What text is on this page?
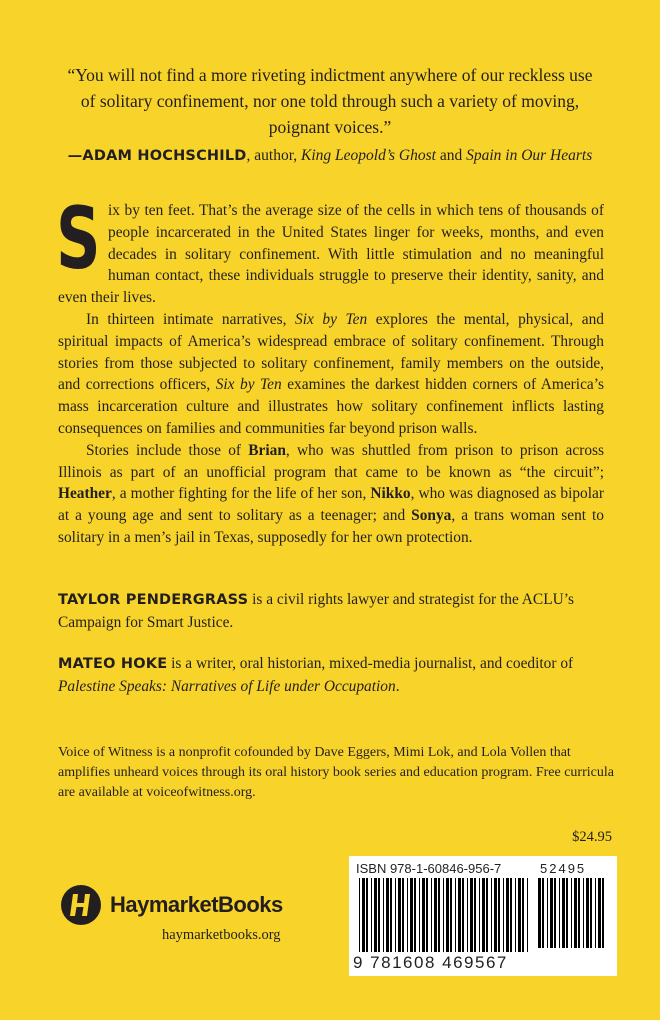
“You will not find a more riveting indictment anywhere of our reckless use of solitary confinement, nor one told through such a variety of moving, poignant voices.”
—ADAM HOCHSCHILD, author, King Leopold’s Ghost and Spain in Our Hearts

Six by ten feet. That’s the average size of the cells in which tens of thousands of people incarcerated in the United States linger for weeks, months, and even decades in solitary confinement. With little stimulation and no meaningful human contact, these individuals struggle to preserve their identity, sanity, and even their lives.

In thirteen intimate narratives, Six by Ten explores the mental, physical, and spiritual impacts of America’s widespread embrace of solitary confinement. Through stories from those subjected to solitary confinement, family members on the outside, and corrections officers, Six by Ten examines the darkest hidden corners of America’s mass incarceration culture and illustrates how solitary confinement inflicts lasting consequences on families and communities far beyond prison walls.

Stories include those of Brian, who was shuttled from prison to prison across Illinois as part of an unofficial program that came to be known as “the circuit”; Heather, a mother fighting for the life of her son, Nikko, who was diagnosed as bipolar at a young age and sent to solitary as a teenager; and Sonya, a trans woman sent to solitary in a men’s jail in Texas, supposedly for her own protection.

TAYLOR PENDERGRASS is a civil rights lawyer and strategist for the ACLU’s Campaign for Smart Justice.
MATEO HOKE is a writer, oral historian, mixed-media journalist, and coeditor of Palestine Speaks: Narratives of Life under Occupation.
Voice of Witness is a nonprofit cofounded by Dave Eggers, Mimi Lok, and Lola Vollen that amplifies unheard voices through its oral history book series and education program. Free curricula are available at voiceofwitness.org.
$24.95
ISBN 978-1-60846-956-7	52495
9 781608 469567
HaymarketBooks
haymarketbooks.org
